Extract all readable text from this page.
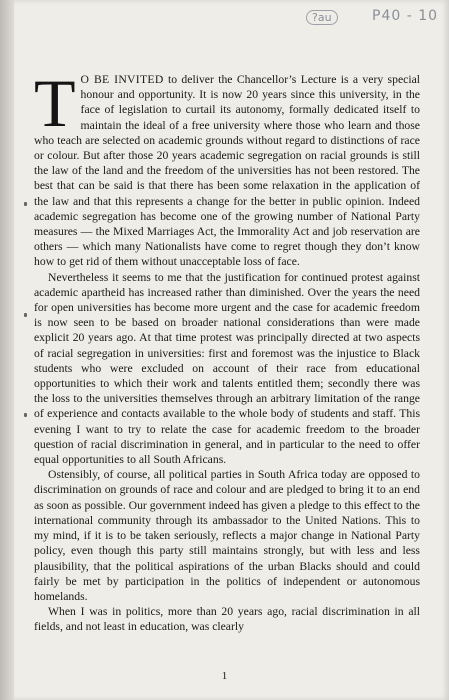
?au	P40 - 10

T O BE INVITED to deliver the Chancellor’s Lecture is a very special honour and opportunity. It is now 20 years since this university, in the face of legislation to curtail its autonomy, formally dedicated itself to maintain the ideal of a free university where those who learn and those who teach are selected on academic grounds without regard to distinctions of race or colour. But after those 20 years academic segregation on racial grounds is still the law of the land and the freedom of the universities has not been restored. The best that can be said is that there has been some relaxation in the application of the law and that this represents a change for the better in public opinion. Indeed academic segregation has become one of the growing number of National Party measures — the Mixed Marriages Act, the Immorality Act and job reservation are others — which many Nationalists have come to regret though they don’t know how to get rid of them without unacceptable loss of face.

Nevertheless it seems to me that the justification for continued protest against academic apartheid has increased rather than diminished. Over the years the need for open universities has become more urgent and the case for academic freedom is now seen to be based on broader national considerations than were made explicit 20 years ago. At that time protest was principally directed at two aspects of racial segregation in universities: first and foremost was the injustice to Black students who were excluded on account of their race from educational opportunities to which their work and talents entitled them; secondly there was the loss to the universities themselves through an arbitrary limitation of the range of experience and contacts available to the whole body of students and staff. This evening I want to try to relate the case for academic freedom to the broader question of racial discrimination in general, and in particular to the need to offer equal opportunities to all South Africans.

Ostensibly, of course, all political parties in South Africa today are opposed to discrimination on grounds of race and colour and are pledged to bring it to an end as soon as possible. Our government indeed has given a pledge to this effect to the international community through its ambassador to the United Nations. This to my mind, if it is to be taken seriously, reflects a major change in National Party policy, even though this party still maintains strongly, but with less and less plausibility, that the political aspirations of the urban Blacks should and could fairly be met by participation in the politics of independent or autonomous homelands.

When I was in politics, more than 20 years ago, racial discrimination in all fields, and not least in education, was clearly

1
